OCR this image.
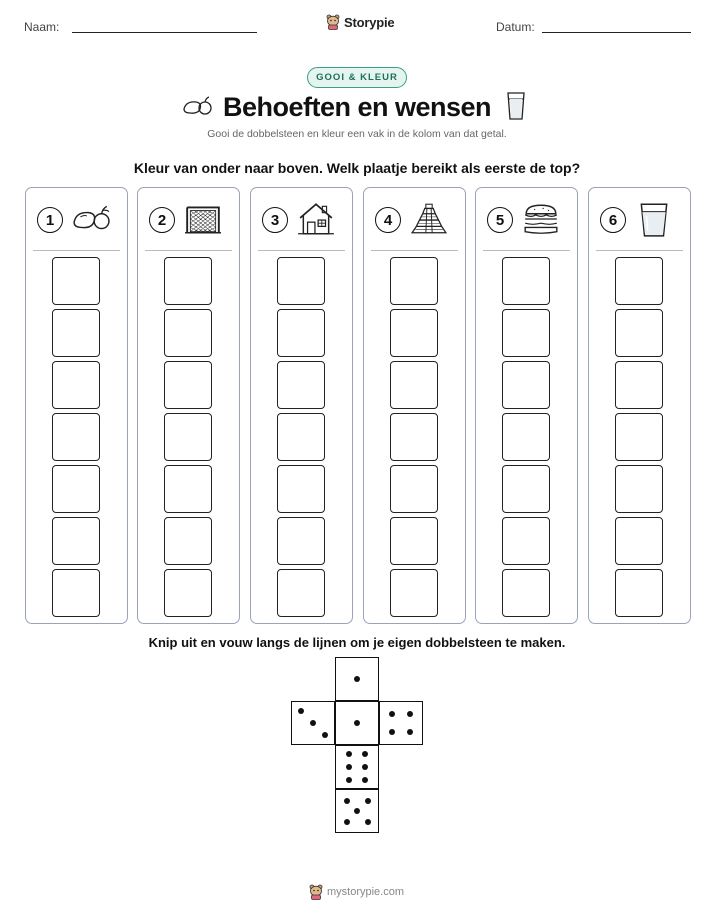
Naam:	Storypie	Datum:
GOOI & KLEUR
Behoeften en wensen
Gooi de dobbelsteen en kleur een vak in de kolom van dat getal.
Kleur van onder naar boven. Welk plaatje bereikt als eerste de top?
1	2	3	4	5	6
Knip uit en vouw langs de lijnen om je eigen dobbelsteen te maken.
mystorypie.com
